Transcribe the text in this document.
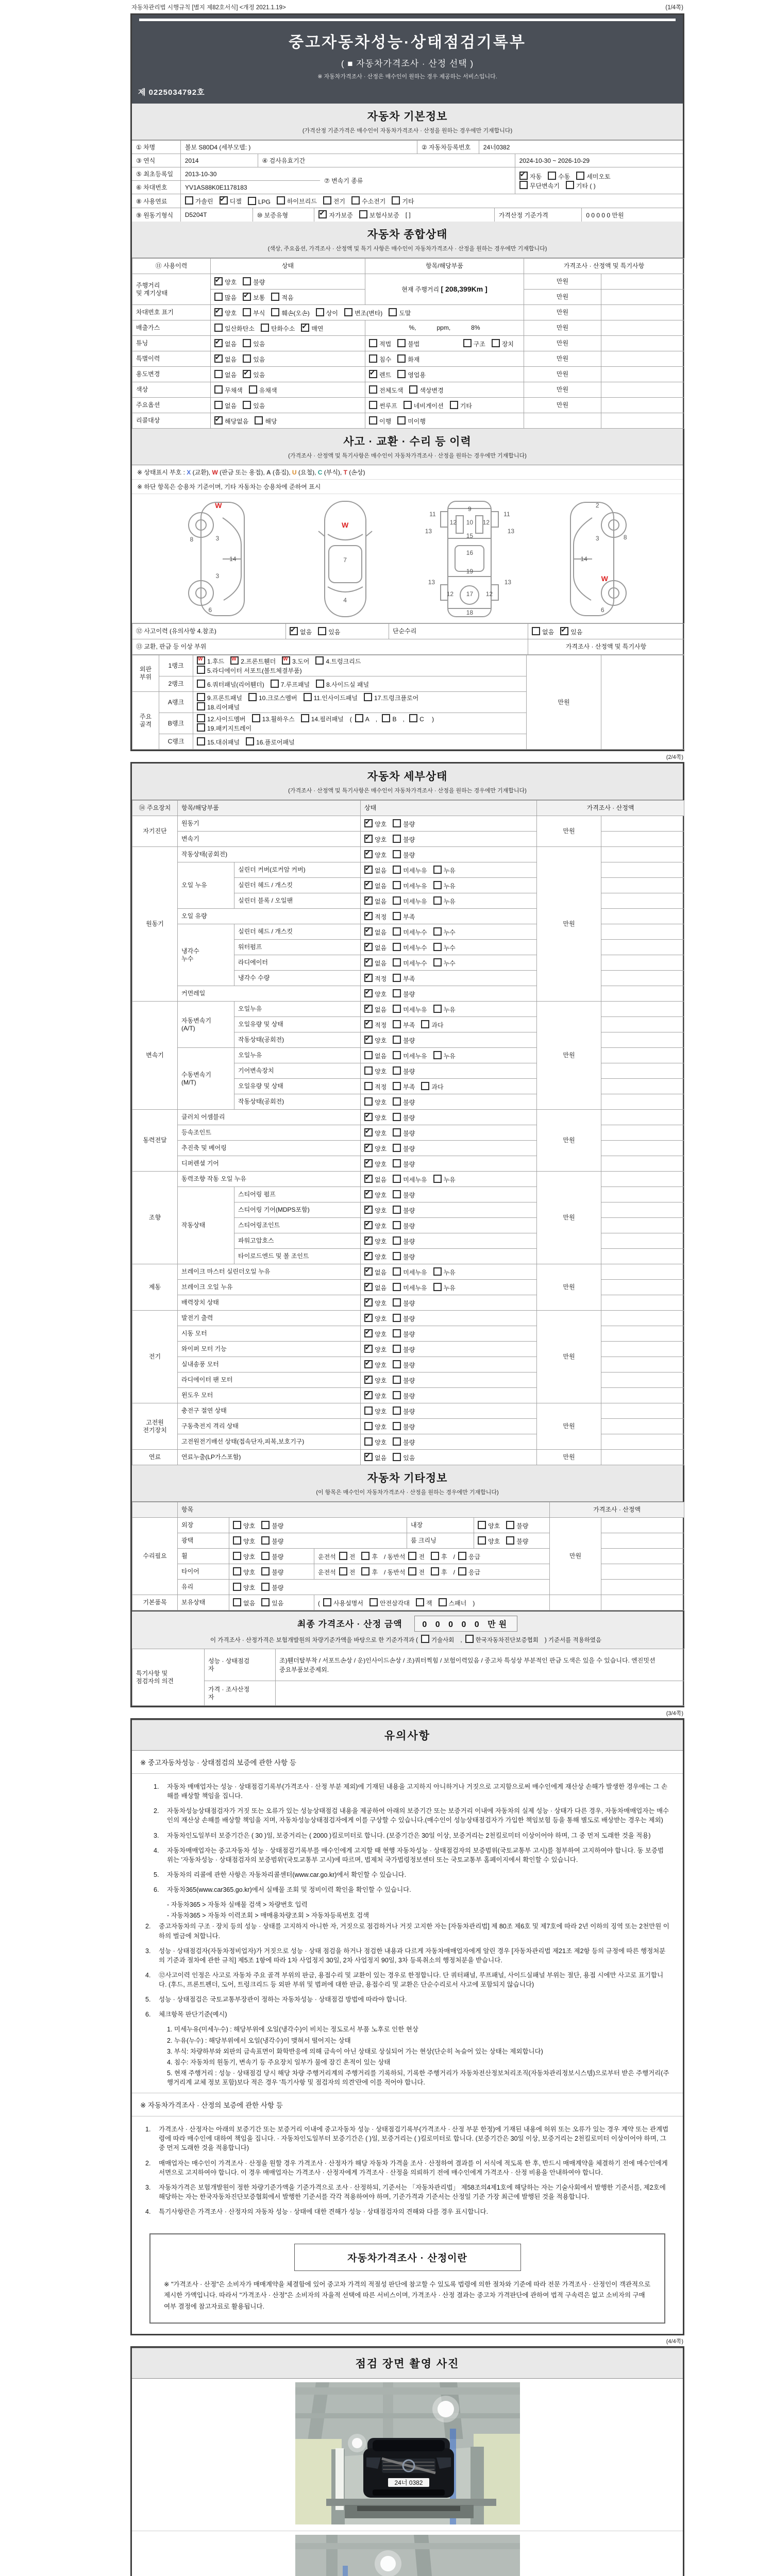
자동차관리법 시행규칙 [별지 제82호서식] <개정 2021.1.19>	(1/4쪽)
중고자동차성능·상태점검기록부
( ■ 자동차가격조사 · 산정 선택 )
※ 자동차가격조사 · 산정은 매수인이 원하는 경우 제공하는 서비스입니다.
제 0225034792호
자동차 기본정보
(가격산정 기준가격은 매수인이 자동차가격조사 · 산정을 원하는 경우에만 기재합니다)
① 차명	볼보 S80D4 (세부모델: )	② 자동차등록번호	24너0382
③ 연식	2014	④ 검사유효기간	2024-10-30 ~ 2026-10-29
⑤ 최초등록일	2013-10-30
⑥ 차대번호	YV1AS88K0E1178183
⑦ 변속기 종류
✔자동	수동	세미오토
무단변속기	기타 ( )
⑧ 사용연료	가솔린 ✔	디젤	LPG	하이브리드	전기	수소전기	기타
⑨ 원동기형식	D5204T	⑩ 보증유형 ✔	자가보증	보험사보증 [ ]	가격산정 기준가격	0 0 0 0 0 만원
자동차 종합상태
(색상, 주요옵션, 가격조사 · 산정액 및 특기 사항은 매수인이 자동차가격조사 · 산정을 원하는 경우에만 기재합니다)
⑪ 사용이력	상태	항목/해당부품	가격조사 · 산정액 및 특기사항	
주행거리
및 계기상태	✔양호 불량	현재 주행거리 [ 208,399Km ]	만원	
	많음 ✔ 보통 적음		만원	
차대번호 표기	✔양호 부식 훼손(오손) 상이 변조(변타) 도말		만원	
배출가스	일산화탄소 탄화수소 ✔ 매연	%,            ppm,            8%	만원	
튜닝	✔없음 있음	적법 불법 구조 장치	만원	
특별이력	✔없음 있음	침수 화재	만원	
용도변경	없음 ✔ 있음	✔렌트 영업용	만원	
색상	무채색 유채색	전체도색 색상변경	만원	
주요옵션	없음 있음	썬루프 네비게이션 기타	만원	
리콜대상	✔해당없음 해당	이행 미이행		
사고 · 교환 · 수리 등 이력
(가격조사 · 산정액 및 특기사항은 매수인이 자동차가격조사 · 산정을 원하는 경우에만 기재합니다)
※ 상태표시 부호 : X (교환), W (판금 또는 용접), A (흠집), U (요철), C (부식), T (손상)
※ 하단 항목은 승용차 기준이며, 기타 자동차는 승용차에 준하여 표시
W
8	3
14
3
6
W
7
4
9
11	11
12	12
13	13
10
15
16
19
13	13
12	12
17
18
2
3	8
14
W
6
⑫ 사고이력 (유의사항 4.참조)	✔없음 있음	단순수리	없음 ✔ 있음
⑬ 교환, 판금 등 이상 부위			가격조사 · 산정액 및 특기사항
외판
부위	1랭크	
W1.후드 W	2.프론트휀더 W	3.도어	4.트렁크리드
5.라디에이터 서포트(볼트체결부품)
	만원	
	2랭크	6.쿼터패널(리어휀더) 7.루프패널 8.사이드실 패널		

주요
골격	A랭크	
9.프론트패널	10.크로스멤버	11.인사이드패널	17.트렁크플로어
18.리어패널

	B랭크	12.사이드멤버 13.휠하우스 14.필러패널 ( A , B , C )
19.패키지트레이		

	C랭크	15.대쉬패널 16.플로어패널		
(2/4쪽)
자동차 세부상태
(가격조사 · 산정액 및 특기사항은 매수인이 자동차가격조사 · 산정을 원하는 경우에만 기재합니다)
⑭ 주요장치	항목/해당부품		상태	가격조사 · 산정액	
자기진단	원동기	✔양호 불량	만원	
	변속기	✔양호 불량	
원동기	작동상태(공회전)	✔양호 불량	만원	
	오일 누유	실린더 커버(로커암 커버)	✔없음 미세누유 누유	
		실린더 헤드 / 개스킷	✔없음 미세누유 누유	
		실린더 블록 / 오일팬	✔없음 미세누유 누유	
	오일 유량	✔적정 부족	
	냉각수
누수	실린더 헤드 / 개스킷	✔없음 미세누수 누수	
		워터펌프	✔없음 미세누수 누수	
		라디에이터	✔없음 미세누수 누수	
		냉각수 수량	✔적정 부족	
	커먼레일	✔양호 불량	
변속기	자동변속기
(A/T)	오일누유	✔없음 미세누유 누유	만원	
		오일유량 및 상태	✔적정 부족 과다	
		작동상태(공회전)	✔양호 불량	
	수동변속기
(M/T)	오일누유	없음 미세누유 누유		
		기어변속장치	양호 불량		
		오일유량 및 상태	적정 부족 과다		
		작동상태(공회전)	양호 불량		
동력전달	클러치 어셈블리	✔양호 불량	만원	
	등속조인트	✔양호 불량	
	추진축 및 베어링	✔양호 불량	
	디퍼렌셜 기어	✔양호 불량	
조향	동력조향 작동 오일 누유	✔없음 미세누유 누유	만원	
	작동상태	스티어링 펌프	✔양호 불량	
		스티어링 기어(MDPS포함)	✔양호 불량	
		스티어링조인트	✔양호 불량	
		파워고압호스	✔양호 불량	
		타이로드엔드 및 볼 조인트	✔양호 불량	
제동	브레이크 마스터 실린더오일 누유	✔없음 미세누유 누유	만원	
	브레이크 오일 누유	✔없음 미세누유 누유	
	배력장치 상태	✔양호 불량	
전기	발전기 출력	✔양호 불량	만원	
	시동 모터	✔양호 불량	
	와이퍼 모터 기능	✔양호 불량	
	실내송풍 모터	✔양호 불량	
	라디에이터 팬 모터	✔양호 불량	
	윈도우 모터	✔양호 불량	
고전원
전기장치	충전구 절연 상태		양호 불량	만원	
	구동축전지 격리 상태		양호 불량		
	고전원전기배선 상태(접속단자,피복,보호기구)		양호 불량		
연료	연료누출(LP가스포함)	✔없음 있음	만원	
자동차 기타정보
(이 항목은 매수인이 자동차가격조사 · 산정을 원하는 경우에만 기재합니다)
	항목					가격조사 · 산정액	
수리필요	외장	양호 불량		내장	양호 불량	만원	
	광택	양호 불량		룸 크리닝	양호 불량		
	휠	양호 불량	운전석 전 후 / 동반석 전 후 / 응급				
	타이어	양호 불량	운전석 전 후 / 동반석 전 후 / 응급				
	유리	양호 불량					
기본품목	보유상태	없음 있음	( 사용설명서 안전삼각대 잭 스패너 )				
최종 가격조사 · 산정 금액 0 0 0 0 0 만원
이 가격조사 · 산정가격은 보험개발원의 차량기준가액을 바탕으로 한 기준가격과 ( 기술사회 , 한국자동차진단보증협회 ) 기준서를 적용하였음
특기사항 및
점검자의 의견	성능 · 상태점검
자	조)휀더탈부착 / 서포트손상 / 운)인사이드손상 / 조)쿼터찍힘 / 보험이력있음 / 중고차 특성상 부분적인 판금 도색은 있을 수 있습니다. 엔진밋션 중요부품보증제외.
	가격 · 조사산정
자	
(3/4쪽)
유의사항
※ 중고자동차성능 · 상태점검의 보증에 관한 사항 등
1.	자동차 매매업자는 성능 · 상태점검기록부(가격조사 · 산정 부분 제외)에 기재된 내용을 고지하지 아니하거나 거짓으로 고지함으로써 매수인에게 재산상 손해가 발생한 경우에는 그 손해를 배상할 책임을 집니다.
2.	자동차성능상태점검자가 거짓 또는 오류가 있는 성능상태점검 내용을 제공하여 아래의 보증기간 또는 보증거리 이내에 자동차의 실제 성능 · 상태가 다른 경우, 자동차매매업자는 매수인의 재산상 손해를 배상할 책임을 지며, 자동차성능상태점검자에게 이를 구상할 수 있습니다.(매수인이 성능상태점검자가 가입한 책임보험 등을 통해 별도로 배상받는 경우는 제외)
3.	자동차인도일부터 보증기간은 ( 30 )일, 보증거리는 ( 2000 )킬로미터로 합니다. (보증기간은 30일 이상, 보증거리는 2천킬로미터 이상이어야 하며, 그 중 먼저 도래한 것을 적용)
4.	자동차매매업자는 중고자동차 성능 · 상태점검기록부를 매수인에게 고지할 때 현행 자동차성능 · 상태점검자의 보증범위(국토교통부 고시)를 첨부하여 고지하여야 합니다. 동 보증범위는 '자동차성능 · 상태점검자의 보증범위'(국토교통부 고시)에 따르며, 법제처 국가법령정보센터 또는 국토교통부 홈페이지에서 확인할 수 있습니다.
5.	자동차의 리콜에 관한 사항은 자동차리콜센터(www.car.go.kr)에서 확인할 수 있습니다.
6.	자동차365(www.car365.go.kr)에서 실매물 조회 및 정비이력 확인을 확인할 수 있습니다.
- 자동차365 > 자동차 실매물 검색 > 차량번호 입력
- 자동차365 > 자동차 이력조회 > 매매용차량조회 > 자동차등록번호 검색
2.	중고자동차의 구조 · 장치 등의 성능 · 상태를 고지하지 아니한 자, 거짓으로 점검하거나 거짓 고지한 자는 [자동차관리법] 제 80조 제6호 및 제7호에 따라 2년 이하의 징역 또는 2천만원 이하의 벌금에 처합니다.
3.	성능 · 상태점검자(자동차정비업자)가 거짓으로 성능 · 상태 점검을 하거나 점검한 내용과 다르게 자동차매매업자에게 알린 경우 [자동차관리법 제21조 제2항 등의 규정에 따른 행정처분의 기준과 절차에 관한 규칙] 제5조 1항에 따라 1차 사업정지 30일, 2차 사업정지 90일, 3차 등록취소의 행정처분을 받습니다.
4.	⑫사고이력 인정은 사고로 자동차 주요 골격 부위의 판금, 용접수리 및 교환이 있는 경우로 한정합니다. 단 쿼터패널, 루프패널, 사이드실패널 부위는 절단, 용접 시에만 사고로 표기합니다. (후드, 프론트펜더, 도어, 트렁크리드 등 외판 부위 및 범퍼에 대한 판금, 용접수리 및 교환은 단순수리로서 사고에 포함되지 않습니다)
5.	성능 · 상태점검은 국토교통부장관이 정하는 자동차성능 · 상태점검 방법에 따라야 합니다.
6.	체크항목 판단기준(예시)
1. 미세누유(미세누수) : 해당부위에 오일(냉각수)이 비치는 정도로서 부품 노후로 인한 현상
2. 누유(누수) : 해당부위에서 오일(냉각수)이 맺혀서 떨어지는 상태
3. 부식: 차량하부와 외판의 금속표면이 화학반응에 의해 금속이 아닌 상태로 상실되어 가는 현상(단순히 녹슬어 있는 상태는 제외합니다)
4. 침수: 자동차의 원동기, 변속기 등 주요장치 일부가 물에 잠긴 흔적이 있는 상태
5. 현재 주행거리 : 성능 · 상태점검 당시 해당 차량 주행거리계의 주행거리를 기록하되, 기록한 주행거리가 자동차전산정보처리조직(자동차관리정보시스템)으로부터 받은 주행거리(주행거리계 교체 정보 포함)보다 적은 경우 '특기사항 및 점검자의 의견'란에 이를 적어야 합니다.
※ 자동차가격조사 · 산정의 보증에 관한 사항 등
1.	가격조사 · 산정자는 아래의 보증기간 또는 보증거리 이내에 중고자동차 성능 · 상태점검기록부(가격조사 · 산정 부분 한정)에 기재된 내용에 허위 또는 오류가 있는 경우 계약 또는 관계법령에 따라 매수인에 대하여 책임을 집니다. · 자동차인도일부터 보증기간은 ( )일, 보증거리는 ( )킬로미터로 합니다. (보증기간은 30일 이상, 보증거리는 2천킬로미터 이상이어야 하며, 그 중 먼저 도래한 것을 적용합니다)
2.	매매업자는 매수인이 가격조사 · 산정을 원할 경우 가격조사 · 산정자가 해당 자동차 가격을 조사 · 산정하여 결과를 이 서식에 적도록 한 후, 반드시 매매계약을 체결하기 전에 매수인에게 서면으로 고지하여야 합니다. 이 경우 매매업자는 가격조사 · 산정자에게 가격조사 · 산정을 의뢰하기 전에 매수인에게 가격조사 · 산정 비용을 안내하여야 합니다.
3.	자동차가격은 보험개발원이 정한 차량기준가액을 기준가격으로 조사 · 산정하되, 기준서는 「자동차관리법」 제58조의4제1호에 해당하는 자는 기술사회에서 발행한 기준서를, 제2호에 해당하는 자는 한국자동차진단보증협회에서 발행한 기준서를 각각 적용하여야 하며, 기준가격과 기준서는 산정일 기준 가장 최근에 발행된 것을 적용합니다.
4.	특기사항란은 가격조사 · 산정자의 자동차 성능 · 상태에 대한 견해가 성능 · 상태점검자의 견해와 다를 경우 표시합니다.
자동차가격조사 · 산정이란
※ "가격조사 · 산정"은 소비자가 매매계약을 체결함에 있어 중고차 가격의 적절성 판단에 참고할 수 있도록 법령에 의한 절차와 기준에 따라 전문 가격조사 · 산정인이 객관적으로 제시한 가액입니다. 따라서 "가격조사 · 산정"은 소비자의 자율적 선택에 따른 서비스이며, 가격조사 · 산정 결과는 중고차 가격판단에 관하여 법적 구속력은 없고 소비자의 구매여부 결정에 참고자료로 활용됩니다.
(4/4쪽)
점검 장면 촬영 사진
24너 0382
